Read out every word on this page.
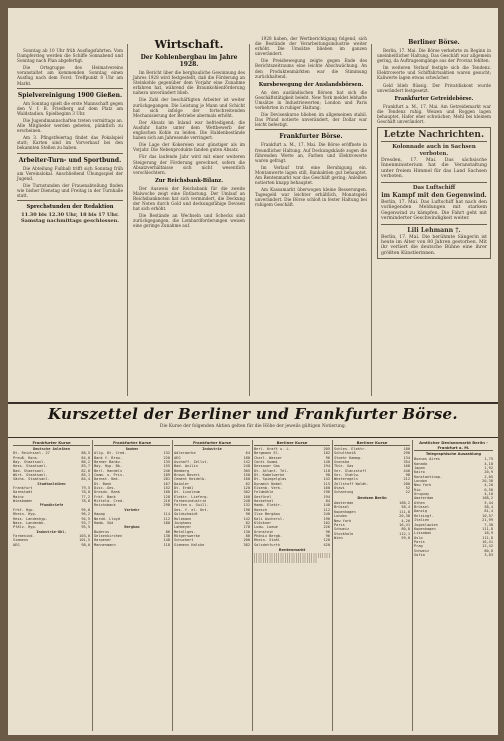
Sonntag ab 10 Uhr früh Ausflugsfahrten. Vom Dampfersteg werden die Schiffe Sonnabend und Sonntag nach Plan abgefertigt.

Die Ortsgruppe des Heimatvereins veranstaltet am kommenden Sonntag einen Ausflug nach dem Forst. Treffpunkt 8 Uhr am Markt.

Spielvereinigung 1900 Gießen.

Am Sonntag spielt die erste Mannschaft gegen den V. f. B. Friedberg auf dem Platz am Waldstadion. Spielbeginn 3 Uhr.

Die Jugendmannschaften treten vormittags an. Alle Mitglieder werden gebeten, pünktlich zu erscheinen.

Am 3. Pfingstfeiertag findet das Pokalspiel statt; Karten sind im Vorverkauf bei den bekannten Stellen zu haben.

Arbeiter-Turn- und Sportbund.

Die Abteilung Fußball trifft sich Sonntag früh am Vereinslokal. Anschließend Übungsspiel der Jugend.

Die Turnstunden der Frauenabteilung finden wie bisher Dienstag und Freitag in der Turnhalle statt.

Sprechstunden der Redaktion
11.30 bis 12.30 Uhr, 18 bis 17 Uhr. Samstag nachmittags geschlossen.
Wirtschaft.
Der Kohlenbergbau im Jahre 1928.

Im Bericht über die bergbauliche Gewinnung des Jahres 1928 wird festgestellt, daß die Förderung an Steinkohle gegenüber dem Vorjahr eine Zunahme erfahren hat, während die Braunkohlenförderung nahezu unverändert blieb.

Die Zahl der beschäftigten Arbeiter ist weiter zurückgegangen. Die Leistung je Mann und Schicht hat sich infolge der fortschreitenden Mechanisierung der Betriebe abermals erhöht.

Der Absatz im Inland war befriedigend; die Ausfuhr hatte unter dem Wettbewerb der englischen Kohle zu leiden. Die Haldenbestände haben sich am Jahresende verringert.

Die Lage der Kokereien war günstiger als im Vorjahr. Die Nebenprodukte fanden guten Absatz.

Für das laufende Jahr wird mit einer weiteren Steigerung der Förderung gerechnet, sofern die Absatzverhältnisse sich nicht wesentlich verschlechtern.

Zur Reichsbank-Bilanz.

Der Ausweis der Reichsbank für die zweite Maiwoche zeigt eine Entlastung. Der Umlauf an Reichsbanknoten hat sich vermindert, die Deckung der Noten durch Gold und deckungsfähige Devisen hat sich erhöht.

Die Bestände an Wechseln und Schecks sind zurückgegangen, die Lombardforderungen weisen eine geringe Zunahme auf.

1928 haben, der Wertberichtigung folgend, sich die Bestände der Verarbeitungsindustrie weiter erhöht. Die Umsätze blieben im ganzen unverändert.

Die Preisbewegung zeigte gegen Ende des Berichtszeitraums eine leichte Abschwächung. An den Produktenmärkten war die Stimmung zurückhaltend.

Kursbewegung der Auslandsbörsen.

An den ausländischen Börsen hat sich die Geschäftstätigkeit belebt. New York meldet lebhafte Umsätze in Industriewerten; London und Paris verkehrten in ruhiger Haltung.

Die Devisenkurse blieben im allgemeinen stabil. Das Pfund notierte unverändert, der Dollar war leicht befestigt.

Frankfurter Börse.

Frankfurt a. M., 17. Mai. Die Börse eröffnete in freundlicher Haltung. Auf Deckungskäufe zogen die führenden Werte an, Farben und Elektrowerte waren gefragt.

Im Verlauf trat eine Beruhigung ein. Montanwerte lagen still, Bankaktien gut behauptet. Am Rentenmarkt war das Geschäft gering; Anleihen notierten knapp behauptet.

Am Kassamarkt überwogen kleine Besserungen. Tagesgeld war leichter erhältlich, Monatsgeld unverändert. Die Börse schloß in fester Haltung bei ruhigem Geschäft.

Berliner Börse.

Berlin, 17. Mai. Die Börse verkehrte zu Beginn in uneinheitlicher Haltung. Das Geschäft war allgemein gering, da Auftragseingänge aus der Provinz fehlten.

Im weiteren Verlauf festigte sich die Tendenz. Elektrowerte und Schiffahrtsaktien waren gesucht; Kaliwerte lagen etwas schwächer.

Geld blieb flüssig. Der Privatdiskont wurde unverändert festgesetzt.

Frankfurter Getreidebörse.

Frankfurt a. M., 17. Mai. Am Getreidemarkt war die Tendenz ruhig. Weizen und Roggen lagen behauptet, Hafer eher schwächer; Mehl bei kleinem Geschäft unverändert.

Letzte Nachrichten.
Kolonnade auch in Sachsen verboten.
Dresden, 17. Mai. Das sächsische Innenministerium hat die Veranstaltung unter freiem Himmel für das Land Sachsen verboten.
Das Luftschiff
im Kampf mit den Gegenwind.
Berlin, 17. Mai. Das Luftschiff hat nach den vorliegenden Meldungen mit starkem Gegenwind zu kämpfen. Die Fahrt geht mit verminderter Geschwindigkeit weiter.
Lili Lehmann †.
Berlin, 17. Mai. Die berühmte Sängerin ist heute im Alter von 80 Jahren gestorben. Mit ihr verliert die deutsche Bühne eine ihrer größten Künstlerinnen.
Kurszettel der Berliner und Frankfurter Börse.
Die Kurse der folgenden Aktien gelten für die Höhe der jeweils gültigen Notierung.
Frankfurter Kurse
Deutsche Anleihen
Dt. Reichsanl. 27	88,5
Preuß. Kons.	84,0
Bay. Staatsanl.	86,2
Hess. Staatsanl.	83,7
Bad. Staatsanl.	82,0
Würt. Staatsanl.	85,1
Sächs. Staatsanl.	84,4
Stadtanleihen
Frankfurt	79,5
Darmstadt	78,0
Mainz	77,2
Wiesbaden	78,8
Pfandbriefe
Frkf. Hyp.	95,0
Rhein. Hyp.	96,2
Hess. Landeshyp.	94,5
Nass. Landesbk.	93,7
Pfälz. Hyp.	95,5
Industrie-Obl.
Farbenind.	103,0
Siemens	101,5
AEG	98,0
Frankfurter Kurse
Banken
Allg. Dt. Cred.	132
Bank f. Brau.	220
Barmer Bankv.	135
Bay. Hyp. Bk.	155
Berl. Handels	246
Comm. u. Priv.	189
Darmst. Nat.	281
Dt. Bank	167
Disc.-Ges.	152
Dresdn. Bank	160
Frkf. Bank	128
Mitteld. Cred.	216
Reichsbank	298
Verkehr
Hapag	114
Nordd. Lloyd	112
Hamb. Süd	180
Bergbau
Buderus	86
Gelsenkirchen	136
Harpener	148
Mannesmann	118
Frankfurter Kurse
Industrie
Adlerwerke	64
AEG	180
Aschaff. Zellst.	142
Bad. Anilin	248
Bemberg	305
Brown Boveri	150
Cement Heidelb.	160
Daimler	62
Dt. Erdöl	120
Dt. Linoleum	302
Elektr. Lieferg.	160
Farbenindustrie	248
Felten u. Guill.	132
Ges. f. el. Unt.	196
Goldschmidt	90
Holzmann	142
Junghans	82
Lahmeyer	178
Metallges.	130
Rütgerswerke	86
Schuckert	200
Siemens Halske	382
Berliner Kurse
Berl. Kraft u. L.	205
Bergmann El.	182
Charl. Wasser	96
Conti Gummi	140
Dessauer Gas	194
Dt. Atlant. Tel.	118
Dt. Kabelwerke	90
Dt. Spiegelglas	142
Dynamit Nobel	115
Eisenb. Verk.	160
Feldmühle	196
Gesfürel	194
Hackethal	84
Hamb. Elektr.	148
Hoesch	112
Ilse Bergbau	240
Kali Aschersl.	190
Klöckner	102
Ludw. Loewe	226
Orenstein	96
Phönix Bergb.	96
Rhein. Stahl	128
Salzdetfurth	420
Rentenmarkt
Berliner Kurse
Schles. Elektr.	180
Schultheiß	290
Stoehr Kammg.	134
Svenska	354
Thür. Gas	168
Ver. Glanzstoff	440
Ver. Stahlw.	98
Westeregeln	212
Zellstoff Waldh.	280
Otavi	52
Schantung	22
Devisen Berlin
Amsterdam	168,2
Brüssel	58,4
Kopenhagen	111,8
London	20,38
New York	4,20
Paris	16,41
Schweiz	80,8
Stockholm	112,1
Wien	59,0
Amtlicher Devisenmarkt Berlin - Frankfurt a. M.
Telegraphische Auszahlung
Buenos Aires	1,75
Kanada	4,18
Japan	1,92
Kairo	20,9
Konstantinop.	2,05
London	20,38
New York	4,20
Rio	0,50
Uruguay	4,18
Amsterdam	168,2
Athen	5,44
Brüssel	58,4
Danzig	81,4
Helsingf.	10,57
Italien	21,99
Jugoslawien	7,38
Kopenhagen	111,8
Lissabon	18,9
Oslo	111,8
Paris	16,41
Prag	12,42
Schweiz	80,8
Sofia	3,03
